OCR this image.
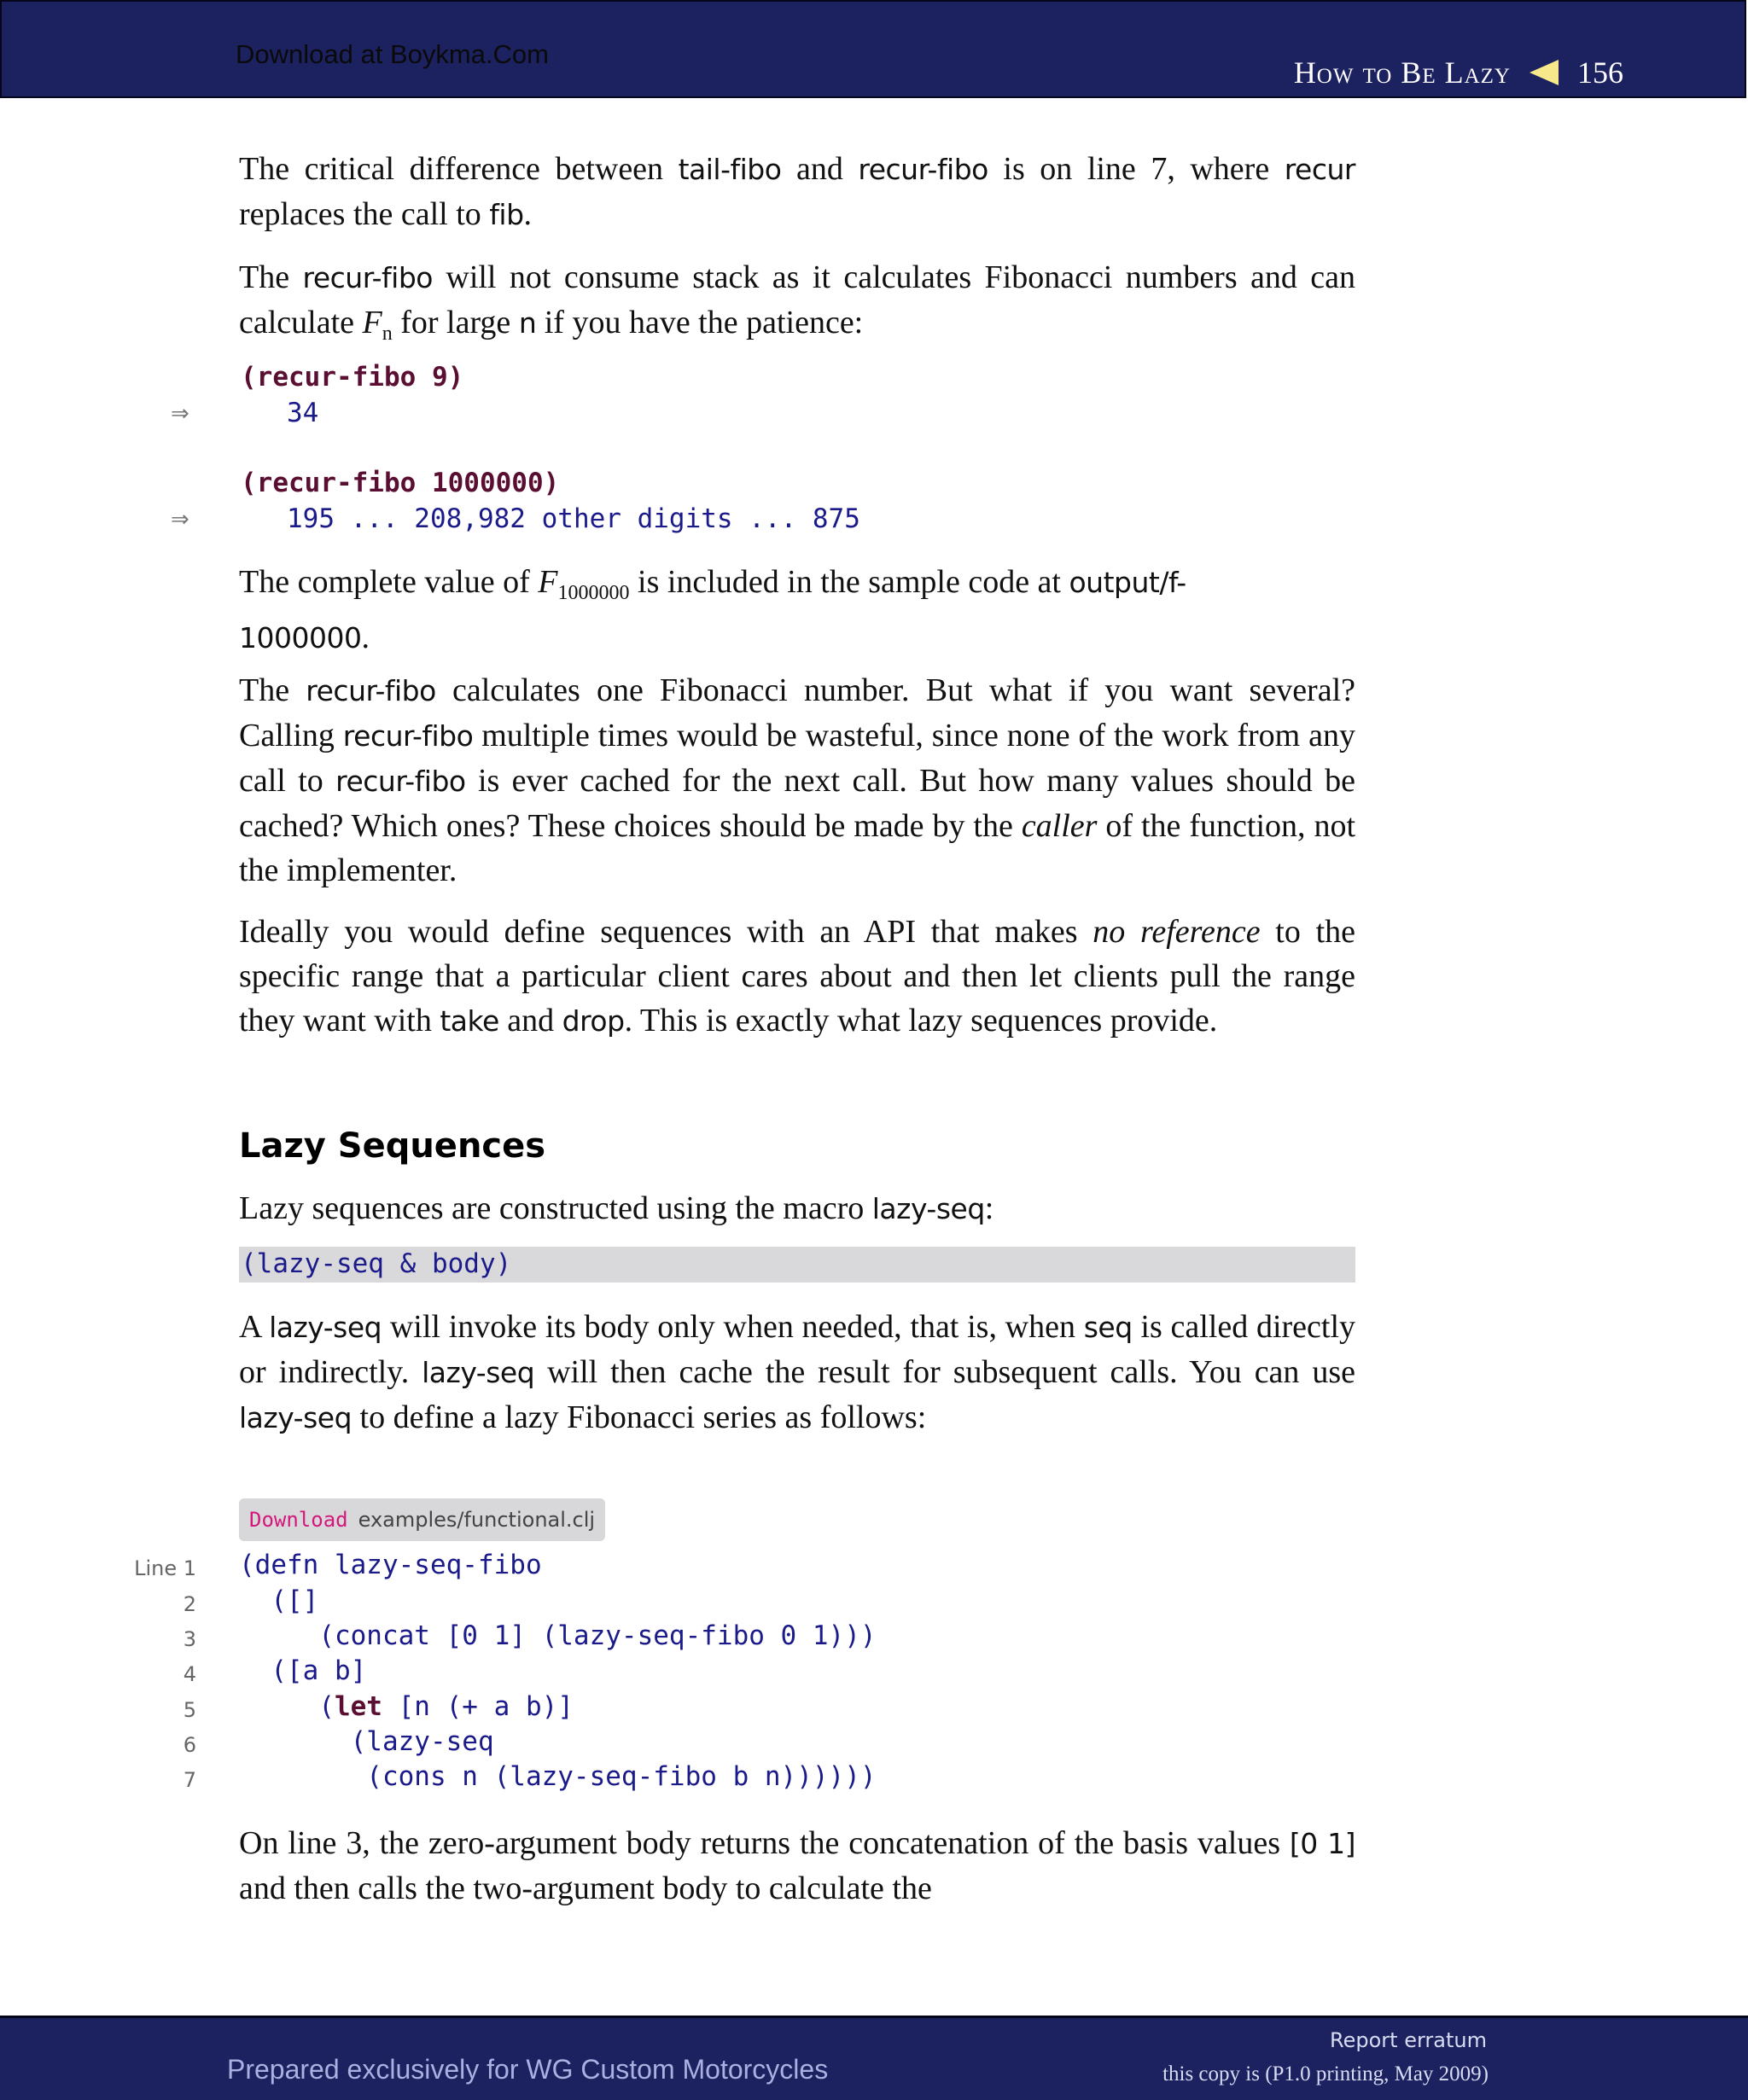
Download at Boykma.Com
How to Be Lazy 156

The critical difference between tail-fibo and recur-fibo is on line 7, where recur replaces the call to fib.

The recur-fibo will not consume stack as it calculates Fibonacci numbers and can calculate $F_n$ for large n if you have the patience:

(recur-fibo 9)
⇒	34
(recur-fibo 1000000)
⇒	195 ... 208,982 other digits ... 875

The complete value of $F_{1000000}$ is included in the sample code at output/f-
1000000.

The recur-fibo calculates one Fibonacci number. But what if you want several? Calling recur-fibo multiple times would be wasteful, since none of the work from any call to recur-fibo is ever cached for the next call. But how many values should be cached? Which ones? These choices should be made by the caller of the function, not the implementer.

Ideally you would define sequences with an API that makes no reference to the specific range that a particular client cares about and then let clients pull the range they want with take and drop. This is exactly what lazy sequences provide.

Lazy Sequences

Lazy sequences are constructed using the macro lazy-seq:

(lazy-seq & body)

A lazy-seq will invoke its body only when needed, that is, when seq is called directly or indirectly. lazy-seq will then cache the result for subsequent calls. You can use lazy-seq to define a lazy Fibonacci series as follows:

Download examples/functional.clj
Line 1 (defn lazy-seq-fibo
2 ([]
3 (concat [0 1] (lazy-seq-fibo 0 1)))
4 ([a b]
5 (let [n (+ a b)]
6 (lazy-seq
7 (cons n (lazy-seq-fibo b n))))))

On line 3, the zero-argument body returns the concatenation of the basis values [0 1] and then calls the two-argument body to calculate the

Prepared exclusively for WG Custom Motorcycles
Report erratum
this copy is (P1.0 printing, May 2009)
